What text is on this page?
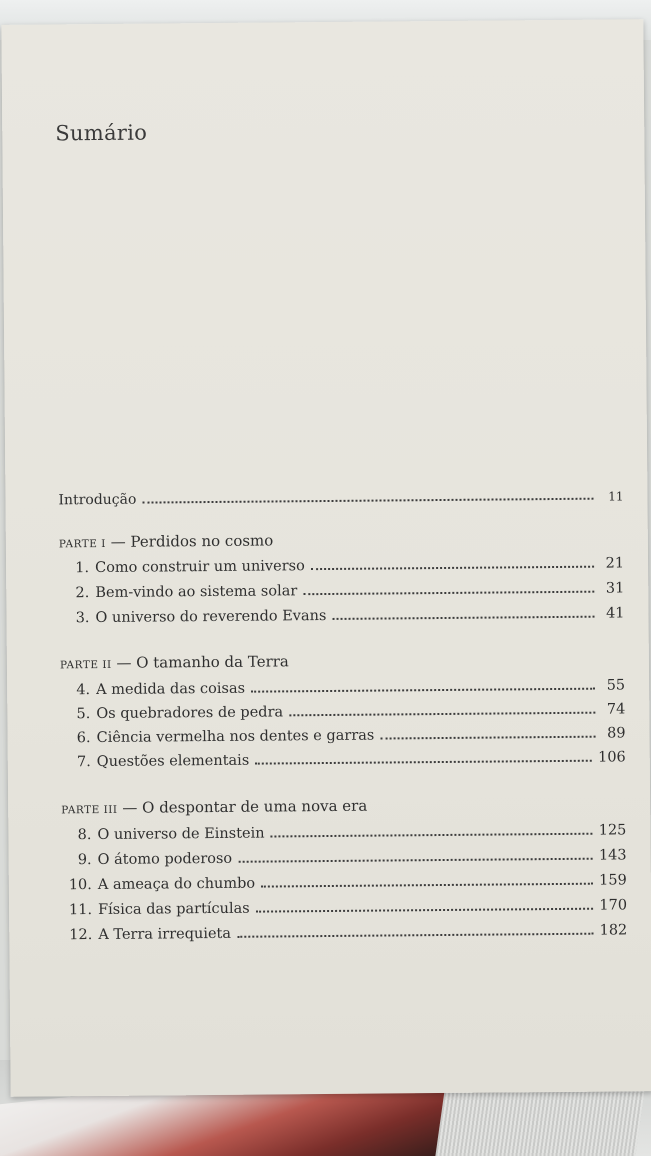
Sumário
Introdução	11
PARTE I — Perdidos no cosmo
1. Como construir um universo	21
2. Bem-vindo ao sistema solar	31
3. O universo do reverendo Evans	41
PARTE II — O tamanho da Terra
4. A medida das coisas	55
5. Os quebradores de pedra	74
6. Ciência vermelha nos dentes e garras	89
7. Questões elementais	106
PARTE III — O despontar de uma nova era
8. O universo de Einstein	125
9. O átomo poderoso	143
10. A ameaça do chumbo	159
11. Física das partículas	170
12. A Terra irrequieta	182
